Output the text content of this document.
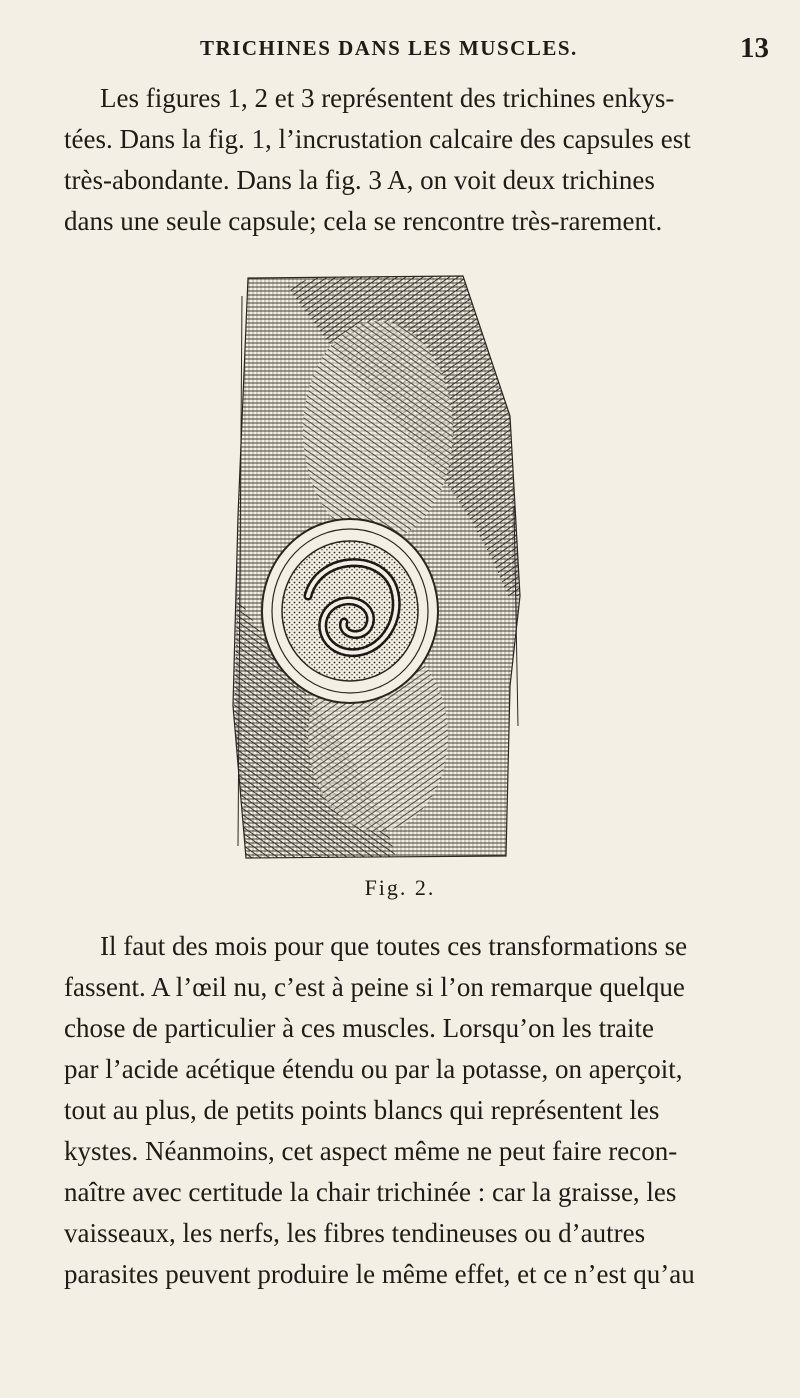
TRICHINES DANS LES MUSCLES.	13
Les figures 1, 2 et 3 représentent des trichines enkys-
tées. Dans la fig. 1, l’incrustation calcaire des capsules est
très-abondante. Dans la fig. 3 A, on voit deux trichines
dans une seule capsule; cela se rencontre très-rarement.
Fig. 2.
Il faut des mois pour que toutes ces transformations se
fassent. A l’œil nu, c’est à peine si l’on remarque quelque
chose de particulier à ces muscles. Lorsqu’on les traite
par l’acide acétique étendu ou par la potasse, on aperçoit,
tout au plus, de petits points blancs qui représentent les
kystes. Néanmoins, cet aspect même ne peut faire recon-
naître avec certitude la chair trichinée : car la graisse, les
vaisseaux, les nerfs, les fibres tendineuses ou d’autres
parasites peuvent produire le même effet, et ce n’est qu’au
